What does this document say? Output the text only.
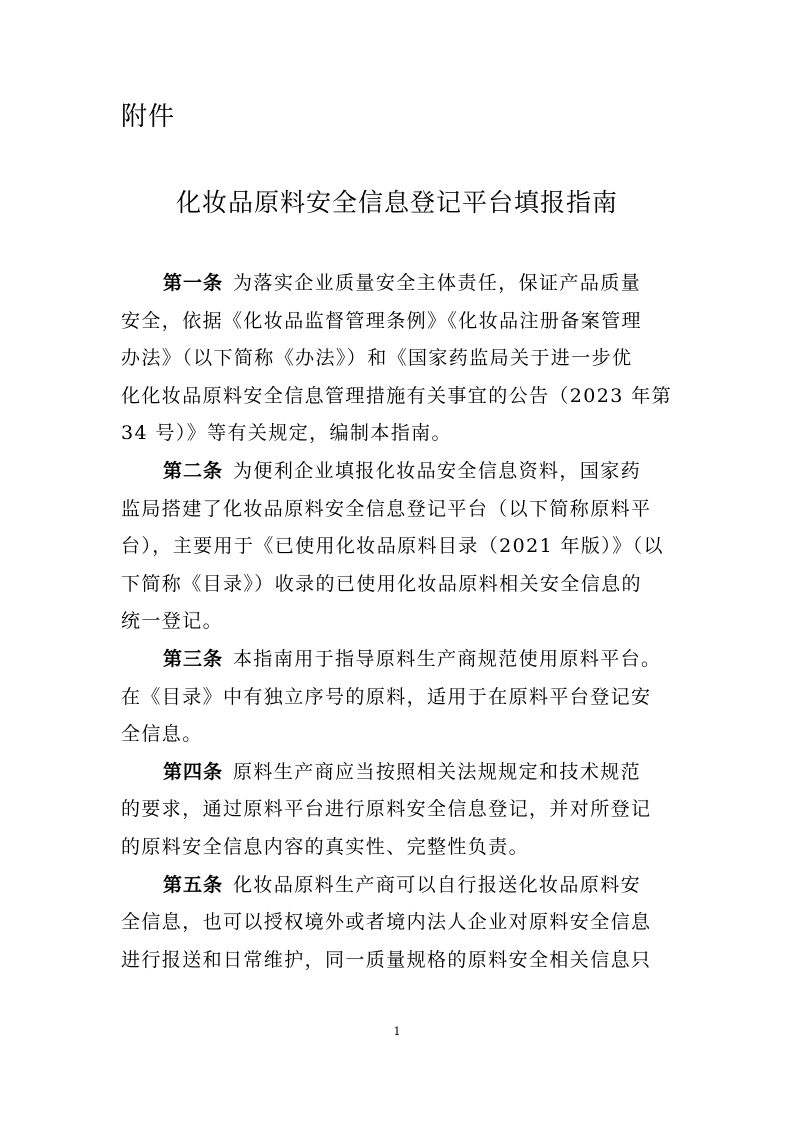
附件
化妆品原料安全信息登记平台填报指南
第一条 为落实企业质量安全主体责任，保证产品质量
安全，依据《化妆品监督管理条例》《化妆品注册备案管理
办法》（以下简称《办法》）和《国家药监局关于进一步优
化化妆品原料安全信息管理措施有关事宜的公告（2023 年第
34 号）》等有关规定，编制本指南。
第二条 为便利企业填报化妆品安全信息资料，国家药
监局搭建了化妆品原料安全信息登记平台（以下简称原料平
台），主要用于《已使用化妆品原料目录（2021 年版）》（以
下简称《目录》）收录的已使用化妆品原料相关安全信息的
统一登记。
第三条 本指南用于指导原料生产商规范使用原料平台。
在《目录》中有独立序号的原料，适用于在原料平台登记安
全信息。
第四条 原料生产商应当按照相关法规规定和技术规范
的要求，通过原料平台进行原料安全信息登记，并对所登记
的原料安全信息内容的真实性、完整性负责。
第五条 化妆品原料生产商可以自行报送化妆品原料安
全信息，也可以授权境外或者境内法人企业对原料安全信息
进行报送和日常维护，同一质量规格的原料安全相关信息只
1
